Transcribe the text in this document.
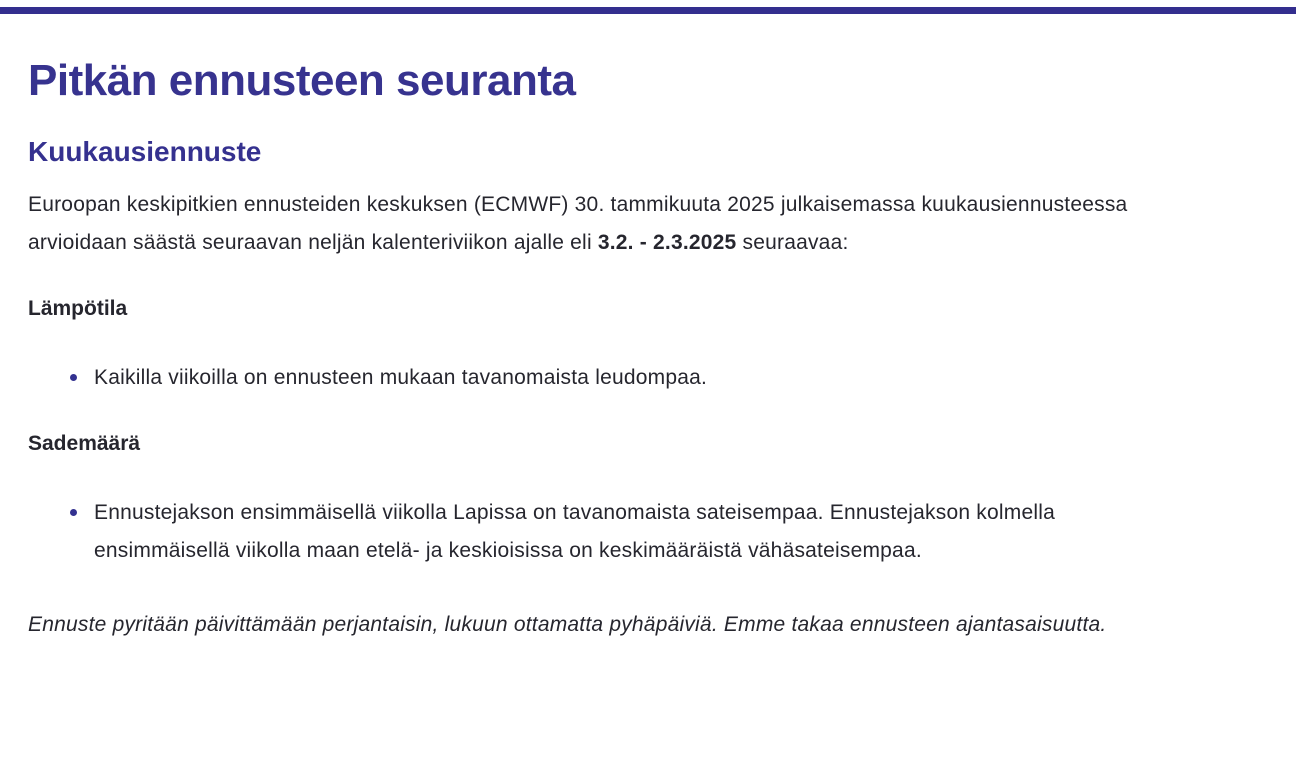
Pitkän ennusteen seuranta
Kuukausiennuste

Euroopan keskipitkien ennusteiden keskuksen (ECMWF) 30. tammikuuta 2025 julkaisemassa kuukausiennusteessa arvioidaan säästä seuraavan neljän kalenteriviikon ajalle eli 3.2. - 2.3.2025 seuraavaa:

Lämpötila
Kaikilla viikoilla on ennusteen mukaan tavanomaista leudompaa.
Sademäärä
Ennustejakson ensimmäisellä viikolla Lapissa on tavanomaista sateisempaa. Ennustejakson kolmella ensimmäisellä viikolla maan etelä- ja keskioisissa on keskimääräistä vähäsateisempaa.

Ennuste pyritään päivittämään perjantaisin, lukuun ottamatta pyhäpäiviä. Emme takaa ennusteen ajantasaisuutta.
